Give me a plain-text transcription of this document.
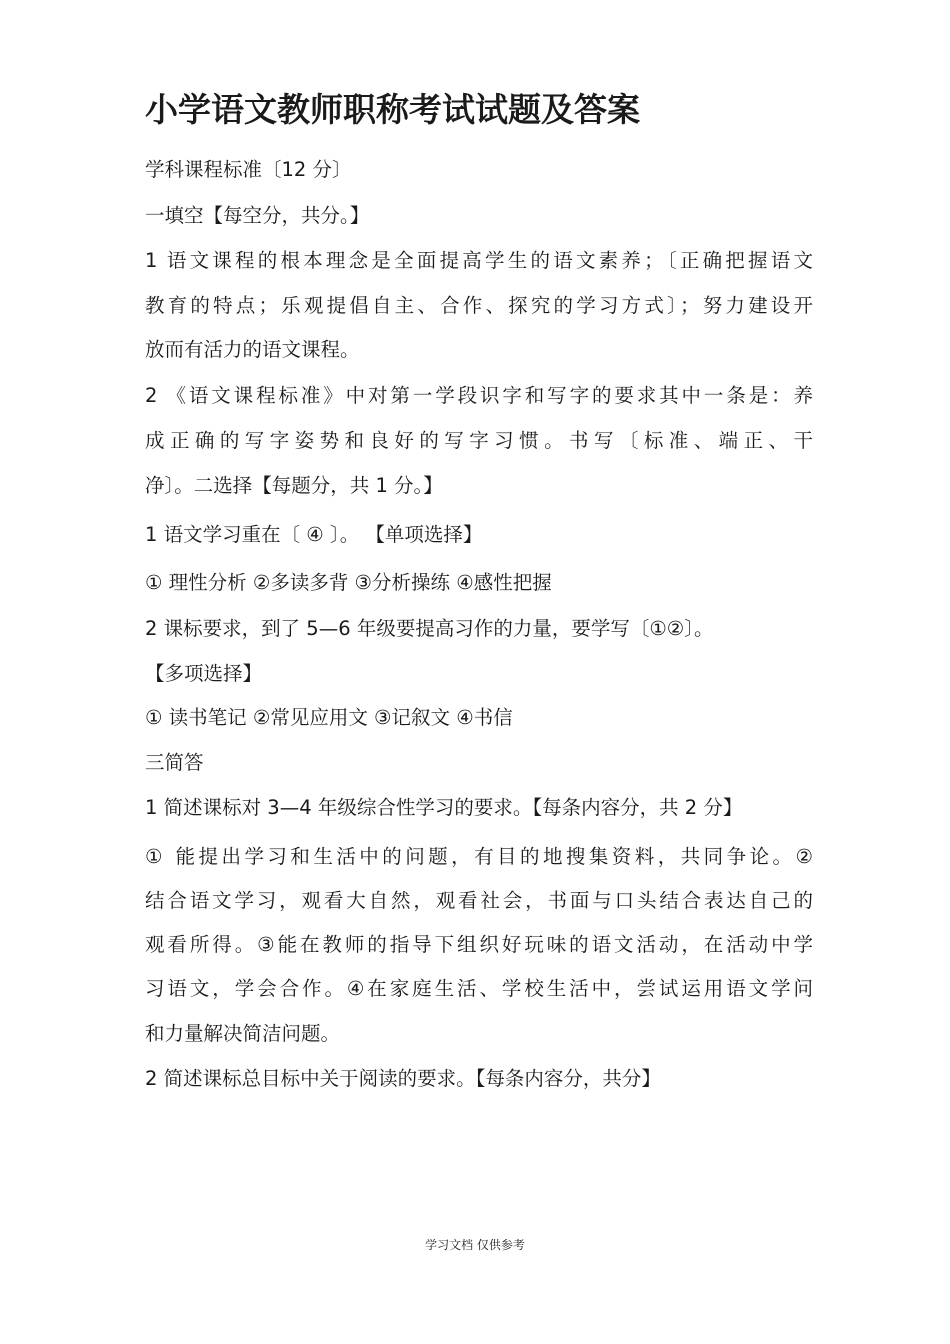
小学语文教师职称考试试题及答案
学科课程标准〔12 分〕
一填空【每空分，共分。】
1 语文课程的根本理念是全面提高学生的语文素养；〔正确把握语文
教育的特点；乐观提倡自主、合作、探究的学习方式〕；努力建设开
放而有活力的语文课程。
2 《语文课程标准》中对第一学段识字和写字的要求其中一条是：养
成正确的写字姿势和良好的写字习惯。书写〔标准、端正、干
净〕。二选择【每题分，共 1 分。】
1 语文学习重在〔 ④ 〕。 【单项选择】
① 理性分析 ②多读多背 ③分析操练 ④感性把握
2 课标要求，到了 5—6 年级要提高习作的力量，要学写〔①②〕。
【多项选择】
① 读书笔记 ②常见应用文 ③记叙文 ④书信
三简答
1 简述课标对 3—4 年级综合性学习的要求。【每条内容分，共 2 分】
① 能提出学习和生活中的问题，有目的地搜集资料，共同争论。②
结合语文学习，观看大自然，观看社会，书面与口头结合表达自己的
观看所得。③能在教师的指导下组织好玩味的语文活动，在活动中学
习语文，学会合作。④在家庭生活、学校生活中，尝试运用语文学问
和力量解决简洁问题。
2 简述课标总目标中关于阅读的要求。【每条内容分，共分】
学习文档 仅供参考
